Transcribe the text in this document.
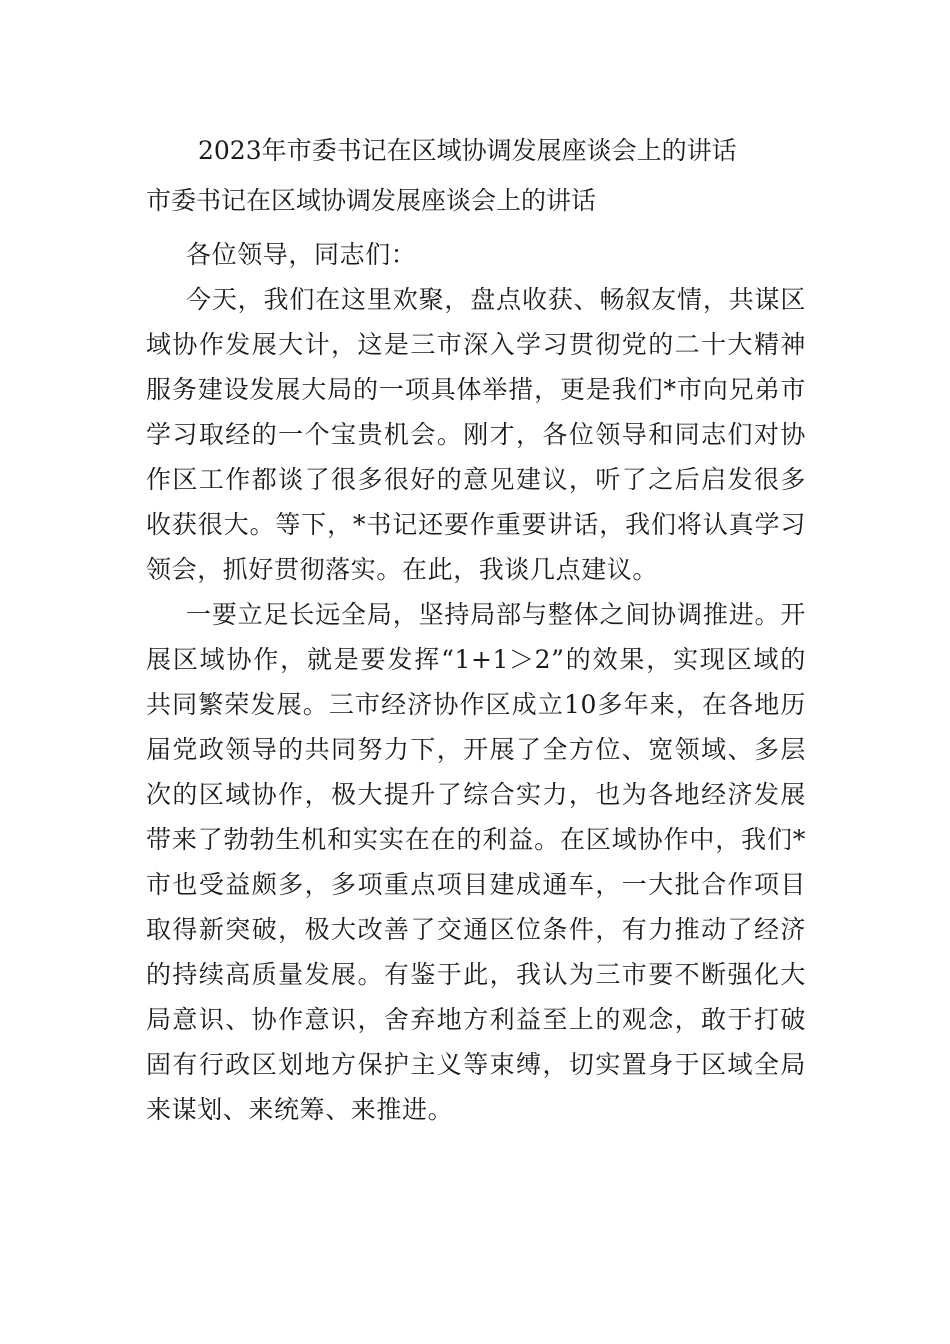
2023年市委书记在区域协调发展座谈会上的讲话
市委书记在区域协调发展座谈会上的讲话

各位领导，同志们：

今天，我们在这里欢聚，盘点收获、畅叙友情，共谋区域协作发展大计，这是三市深入学习贯彻党的二十大精神服务建设发展大局的一项具体举措，更是我们*市向兄弟市学习取经的一个宝贵机会。刚才，各位领导和同志们对协作区工作都谈了很多很好的意见建议，听了之后启发很多收获很大。等下，*书记还要作重要讲话，我们将认真学习领会，抓好贯彻落实。在此，我谈几点建议。

一要立足长远全局，坚持局部与整体之间协调推进。开展区域协作，就是要发挥“1+1＞2”的效果，实现区域的共同繁荣发展。三市经济协作区成立10多年来，在各地历届党政领导的共同努力下，开展了全方位、宽领域、多层次的区域协作，极大提升了综合实力，也为各地经济发展带来了勃勃生机和实实在在的利益。在区域协作中，我们*市也受益颇多，多项重点项目建成通车，一大批合作项目取得新突破，极大改善了交通区位条件，有力推动了经济的持续高质量发展。有鉴于此，我认为三市要不断强化大局意识、协作意识，舍弃地方利益至上的观念，敢于打破固有行政区划地方保护主义等束缚，切实置身于区域全局来谋划、来统筹、来推进。
